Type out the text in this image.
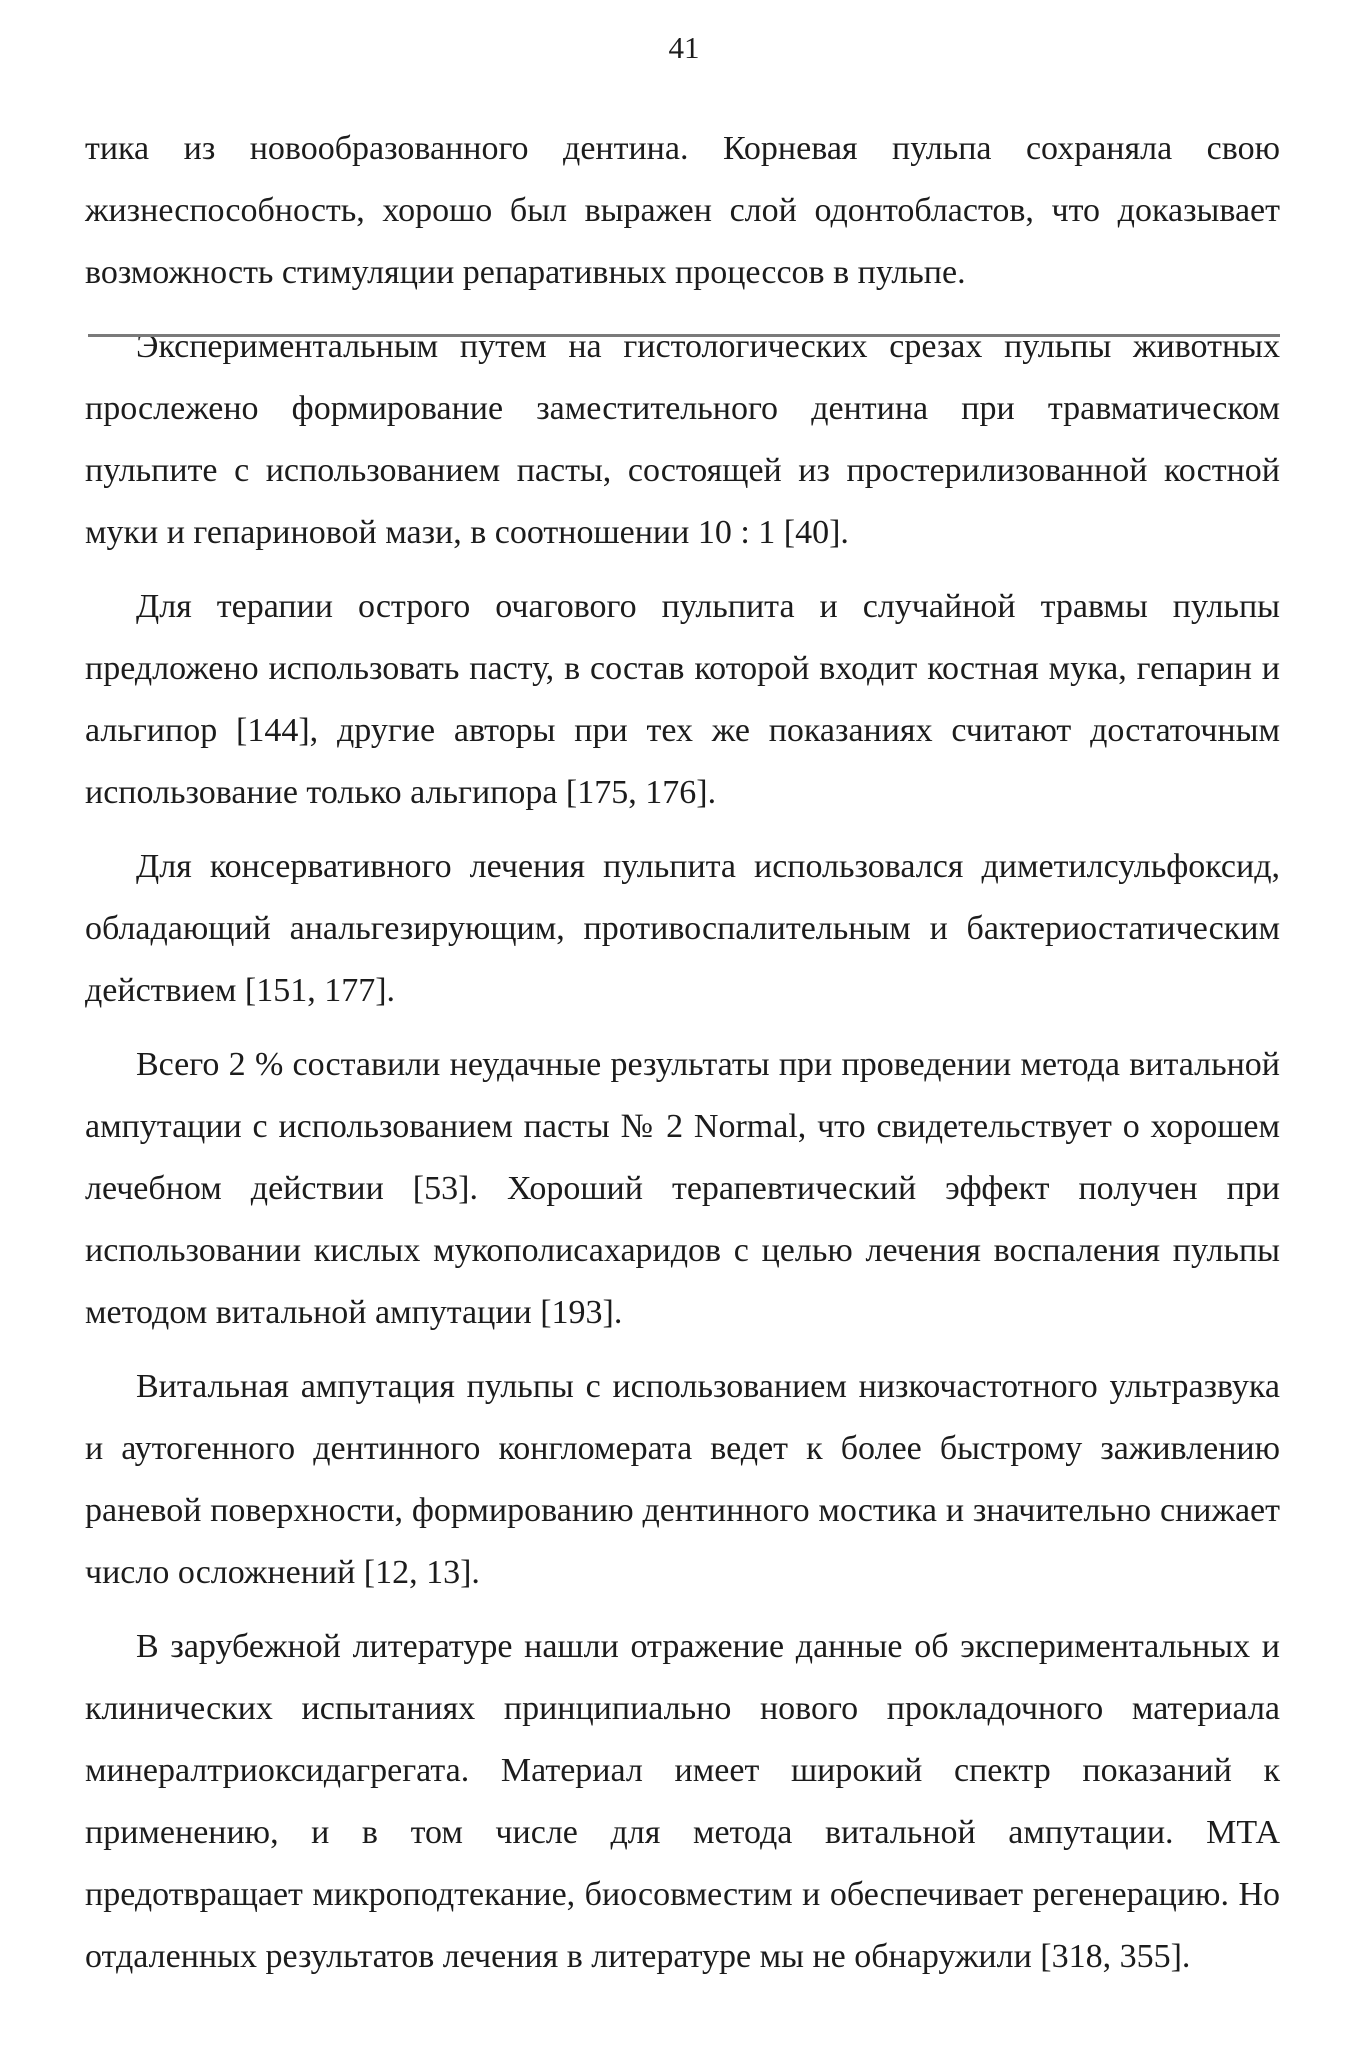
41

тика из новообразованного дентина. Корневая пульпа сохраняла свою жизнеспособность, хорошо был выражен слой одонтобластов, что доказывает возможность стимуляции репаративных процессов в пульпе.

Экспериментальным путем на гистологических срезах пульпы животных прослежено формирование заместительного дентина при травматическом пульпите с использованием пасты, состоящей из простерилизованной костной муки и гепариновой мази, в соотношении 10 : 1 [40].

Для терапии острого очагового пульпита и случайной травмы пульпы предложено использовать пасту, в состав которой входит костная мука, гепарин и альгипор [144], другие авторы при тех же показаниях считают достаточным использование только альгипора [175, 176].

Для консервативного лечения пульпита использовался диметилсульфоксид, обладающий анальгезирующим, противоспалительным и бактериостатическим действием [151, 177].

Всего 2 % составили неудачные результаты при проведении метода витальной ампутации с использованием пасты № 2 Normal, что свидетельствует о хорошем лечебном действии [53]. Хороший терапевтический эффект получен при использовании кислых мукополисахаридов с целью лечения воспаления пульпы методом витальной ампутации [193].

Витальная ампутация пульпы с использованием низкочастотного ультразвука и аутогенного дентинного конгломерата ведет к более быстрому заживлению раневой поверхности, формированию дентинного мостика и значительно снижает число осложнений [12, 13].

В зарубежной литературе нашли отражение данные об экспериментальных и клинических испытаниях принципиально нового прокладочного материала минералтриоксидагрегата. Материал имеет широкий спектр показаний к применению, и в том числе для метода витальной ампутации. МТА предотвращает микроподтекание, биосовместим и обеспечивает регенерацию. Но отдаленных результатов лечения в литературе мы не обнаружили [318, 355].
